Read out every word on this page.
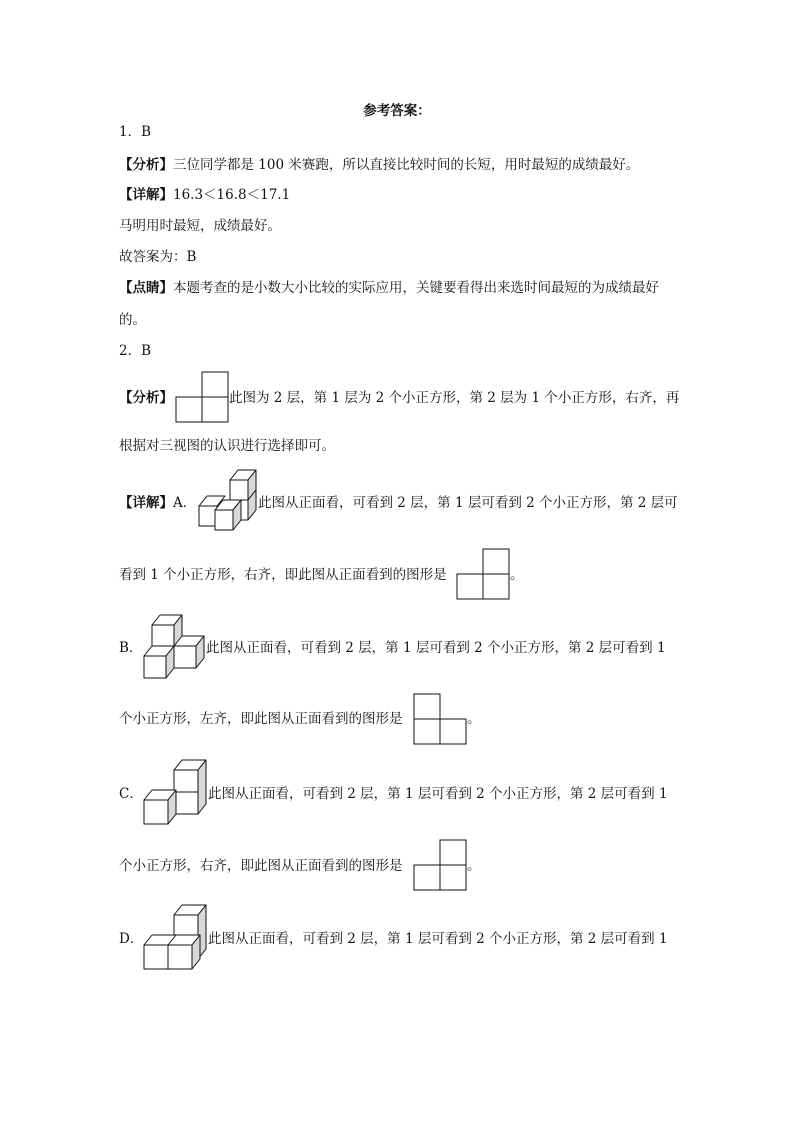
参考答案：
1．B
【分析】三位同学都是 100 米赛跑，所以直接比较时间的长短，用时最短的成绩最好。
【详解】16.3＜16.8＜17.1
马明用时最短，成绩最好。
故答案为：B
【点睛】本题考查的是小数大小比较的实际应用，关键要看得出来选时间最短的为成绩最好
的。
2．B
【分析】	此图为 2 层，第 1 层为 2 个小正方形，第 2 层为 1 个小正方形，右齐，再
根据对三视图的认识进行选择即可。
【详解】A．	此图从正面看，可看到 2 层，第 1 层可看到 2 个小正方形，第 2 层可
看到 1 个小正方形，右齐，即此图从正面看到的图形是	。
B．	此图从正面看，可看到 2 层，第 1 层可看到 2 个小正方形，第 2 层可看到 1
个小正方形，左齐，即此图从正面看到的图形是	。
C．	此图从正面看，可看到 2 层，第 1 层可看到 2 个小正方形，第 2 层可看到 1
个小正方形，右齐，即此图从正面看到的图形是	。
D．	此图从正面看，可看到 2 层，第 1 层可看到 2 个小正方形，第 2 层可看到 1
